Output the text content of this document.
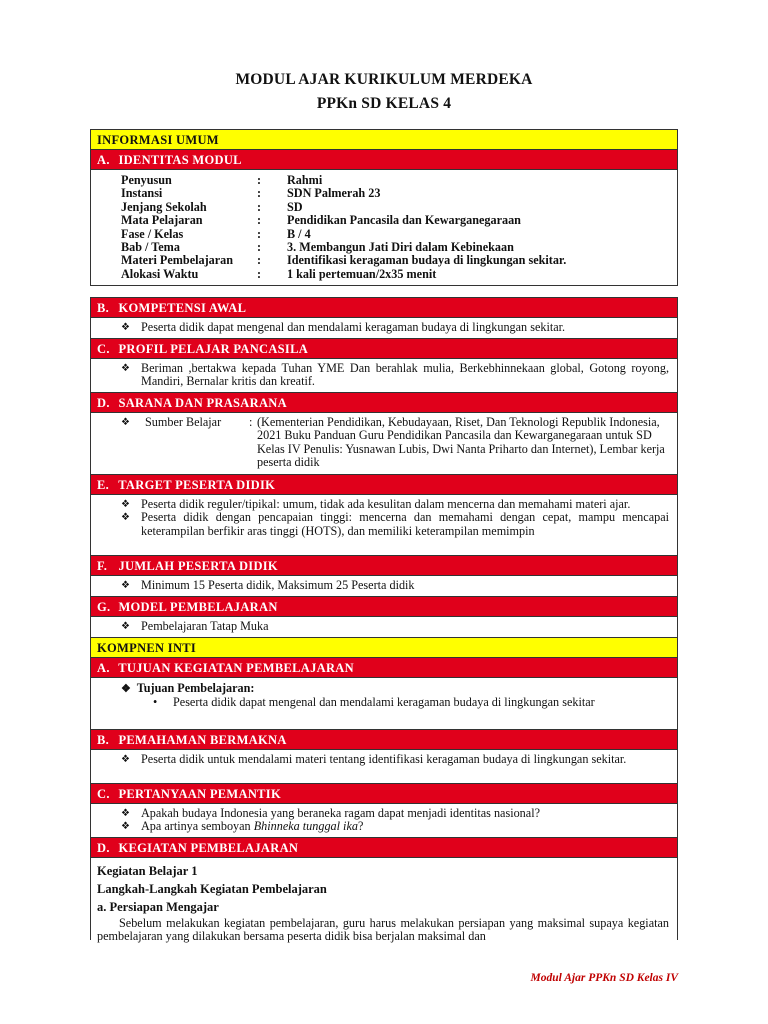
MODUL AJAR KURIKULUM MERDEKA
PPKn SD KELAS 4
INFORMASI UMUM
A. IDENTITAS MODUL
Penyusun	:	Rahmi
Instansi	:	SDN Palmerah 23
Jenjang Sekolah	:	SD
Mata Pelajaran	:	Pendidikan Pancasila dan Kewarganegaraan
Fase / Kelas	:	B / 4
Bab / Tema	:	3. Membangun Jati Diri dalam Kebinekaan
Materi Pembelajaran	:	Identifikasi keragaman budaya di lingkungan sekitar.
Alokasi Waktu	:	1 kali pertemuan/2x35 menit
B. KOMPETENSI AWAL
❖ Peserta didik dapat mengenal dan mendalami keragaman budaya di lingkungan sekitar.
C. PROFIL PELAJAR PANCASILA
❖ Beriman ,bertakwa kepada Tuhan YME Dan berahlak mulia, Berkebhinnekaan global, Gotong royong, Mandiri, Bernalar kritis dan kreatif.
D. SARANA DAN PRASARANA
❖ Sumber Belajar : (Kementerian Pendidikan, Kebudayaan, Riset, Dan Teknologi Republik Indonesia, 2021 Buku Panduan Guru Pendidikan Pancasila dan Kewarganegaraan untuk SD Kelas IV Penulis: Yusnawan Lubis, Dwi Nanta Priharto dan Internet), Lembar kerja peserta didik
E. TARGET PESERTA DIDIK
❖ Peserta didik reguler/tipikal: umum, tidak ada kesulitan dalam mencerna dan memahami materi ajar.
❖ Peserta didik dengan pencapaian tinggi: mencerna dan memahami dengan cepat, mampu mencapai keterampilan berfikir aras tinggi (HOTS), dan memiliki keterampilan memimpin
F. JUMLAH PESERTA DIDIK
❖ Minimum 15 Peserta didik, Maksimum 25 Peserta didik
G. MODEL PEMBELAJARAN
❖ Pembelajaran Tatap Muka
KOMPNEN INTI
A. TUJUAN KEGIATAN PEMBELAJARAN
❖ Tujuan Pembelajaran:
• Peserta didik dapat mengenal dan mendalami keragaman budaya di lingkungan sekitar
B. PEMAHAMAN BERMAKNA
❖ Peserta didik untuk mendalami materi tentang identifikasi keragaman budaya di lingkungan sekitar.
C. PERTANYAAN PEMANTIK
❖ Apakah budaya Indonesia yang beraneka ragam dapat menjadi identitas nasional?
❖ Apa artinya semboyan Bhinneka tunggal ika?
D. KEGIATAN PEMBELAJARAN
Kegiatan Belajar 1
Langkah-Langkah Kegiatan Pembelajaran
a. Persiapan Mengajar
Sebelum melakukan kegiatan pembelajaran, guru harus melakukan persiapan yang maksimal supaya kegiatan pembelajaran yang dilakukan bersama peserta didik bisa berjalan maksimal dan
Modul Ajar PPKn SD Kelas IV
